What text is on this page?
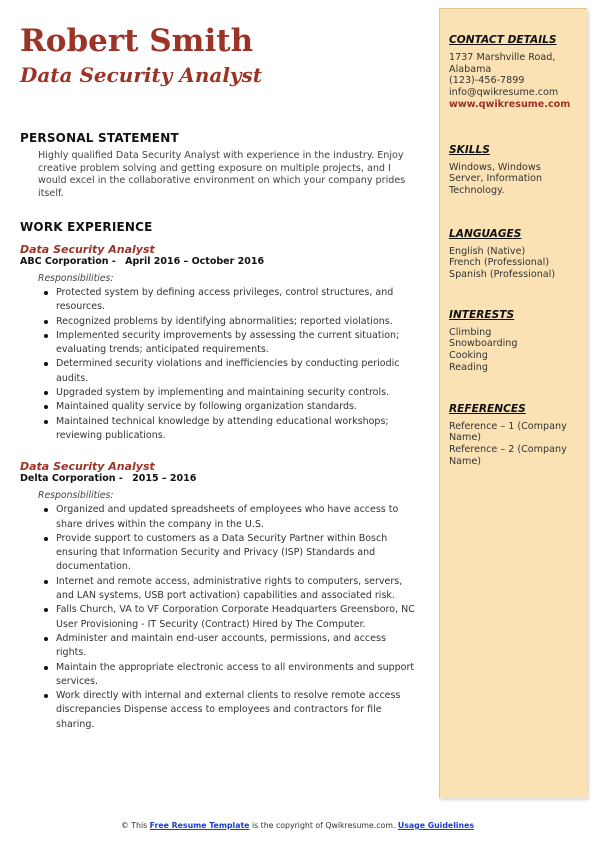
Robert Smith
Data Security Analyst
PERSONAL STATEMENT
Highly qualified Data Security Analyst with experience in the industry. Enjoy creative problem solving and getting exposure on multiple projects, and I would excel in the collaborative environment on which your company prides itself.
WORK EXPERIENCE
Data Security Analyst
ABC Corporation - April 2016 – October 2016
Responsibilities:
Protected system by defining access privileges, control structures, and resources.
Recognized problems by identifying abnormalities; reported violations.
Implemented security improvements by assessing the current situation; evaluating trends; anticipated requirements.
Determined security violations and inefficiencies by conducting periodic audits.
Upgraded system by implementing and maintaining security controls.
Maintained quality service by following organization standards.
Maintained technical knowledge by attending educational workshops; reviewing publications.
Data Security Analyst
Delta Corporation - 2015 – 2016
Responsibilities:
Organized and updated spreadsheets of employees who have access to share drives within the company in the U.S.
Provide support to customers as a Data Security Partner within Bosch ensuring that Information Security and Privacy (ISP) Standards and documentation.
Internet and remote access, administrative rights to computers, servers, and LAN systems, USB port activation) capabilities and associated risk.
Falls Church, VA to VF Corporation Corporate Headquarters Greensboro, NC User Provisioning - IT Security (Contract) Hired by The Computer.
Administer and maintain end-user accounts, permissions, and access rights.
Maintain the appropriate electronic access to all environments and support services.
Work directly with internal and external clients to resolve remote access discrepancies Dispense access to employees and contractors for file sharing.
CONTACT DETAILS
1737 Marshville Road,
Alabama
(123)-456-7899
info@qwikresume.com
www.qwikresume.com
SKILLS
Windows, Windows
Server, Information
Technology.
LANGUAGES
English (Native)
French (Professional)
Spanish (Professional)
INTERESTS
Climbing
Snowboarding
Cooking
Reading
REFERENCES
Reference – 1 (Company
Name)
Reference – 2 (Company
Name)
© This Free Resume Template is the copyright of Qwikresume.com. Usage Guidelines
